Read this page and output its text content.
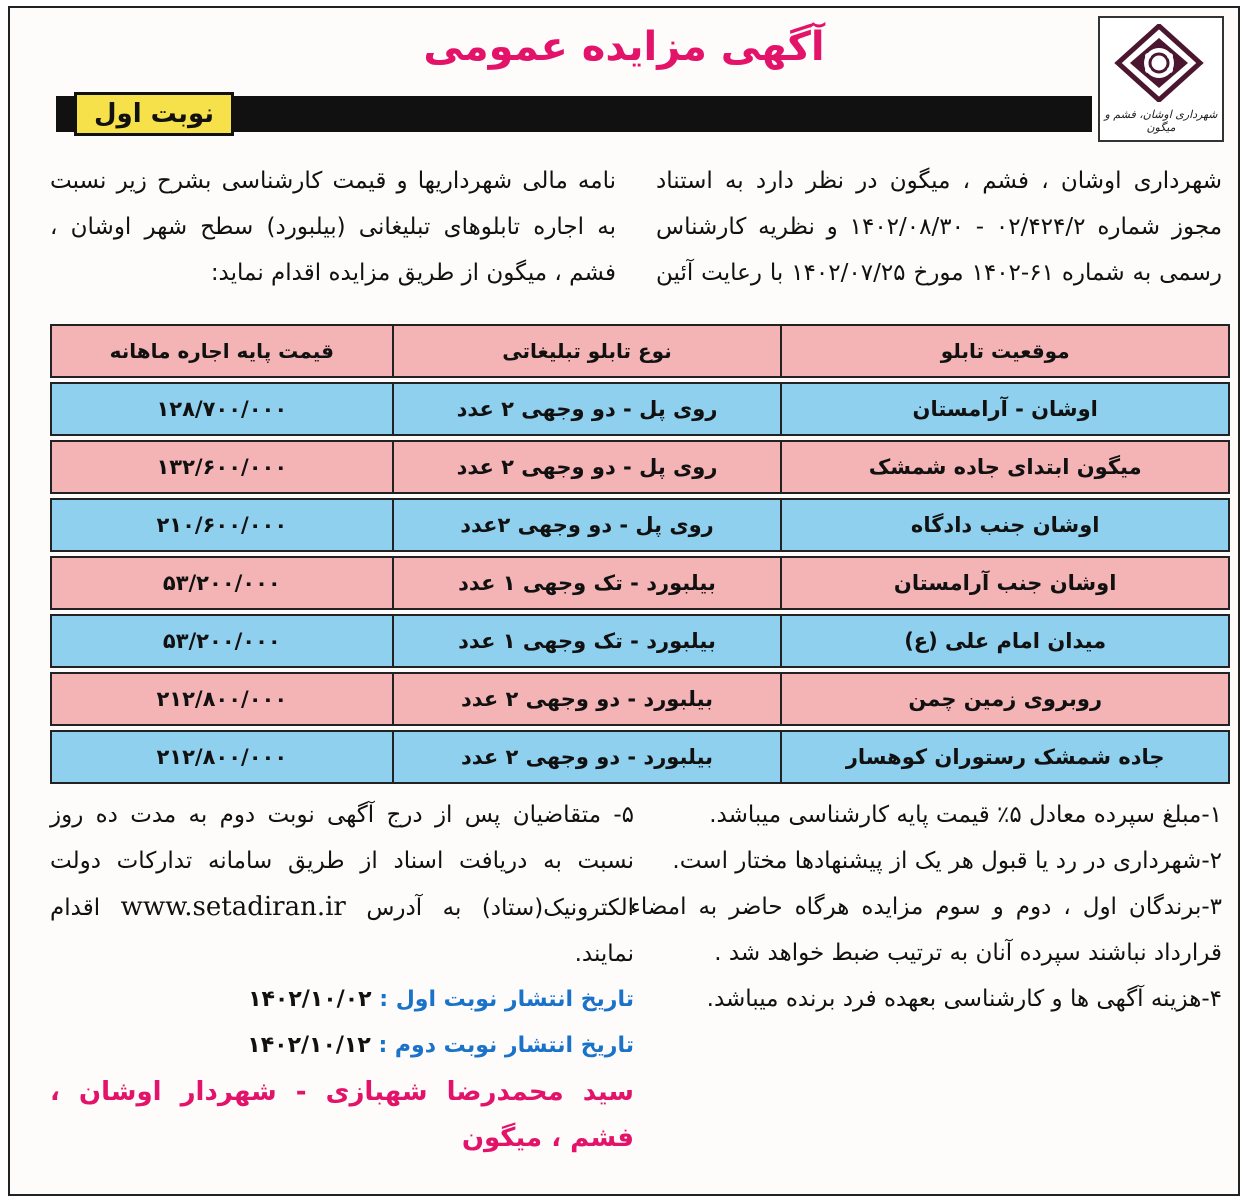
شهرداری اوشان، فشم و میگون
آگهی مزایده عمومی
نوبت اول
شهرداری اوشان ، فشم ، میگون در نظر دارد به استناد مجوز شماره ۰۲/۴۲۴/۲ - ۱۴۰۲/۰۸/۳۰ و نظریه کارشناس رسمی به شماره ۶۱-۱۴۰۲ مورخ ۱۴۰۲/۰۷/۲۵ با رعایت آئین نامه مالی شهرداریها و قیمت کارشناسی بشرح زیر نسبت به اجاره تابلوهای تبلیغانی (بیلبورد) سطح شهر اوشان ، فشم ، میگون از طریق مزایده اقدام نماید:
موقعیت تابلو	نوع تابلو تبلیغاتی	قیمت پایه اجاره ماهانه

اوشان - آرامستان	روی پل - دو وجهی ۲ عدد	۱۲۸/۷۰۰/۰۰۰

میگون ابتدای جاده شمشک	روی پل - دو وجهی ۲ عدد	۱۳۲/۶۰۰/۰۰۰

اوشان جنب دادگاه	روی پل - دو وجهی ۲عدد	۲۱۰/۶۰۰/۰۰۰

اوشان جنب آرامستان	بیلبورد - تک وجهی ۱ عدد	۵۳/۲۰۰/۰۰۰

میدان امام علی (ع)	بیلبورد - تک وجهی ۱ عدد	۵۳/۲۰۰/۰۰۰

روبروی زمین چمن	بیلبورد - دو وجهی ۲ عدد	۲۱۲/۸۰۰/۰۰۰

جاده شمشک رستوران کوهسار	بیلبورد - دو وجهی ۲ عدد	۲۱۲/۸۰۰/۰۰۰

۱-مبلغ سپرده معادل ۵٪ قیمت پایه کارشناسی میباشد.

۲-شهرداری در رد یا قبول هر یک از پیشنهادها مختار است.

۳-برندگان اول ، دوم و سوم مزایده هرگاه حاضر به امضاء قرارداد نباشند سپرده آنان به ترتیب ضبط خواهد شد .

۴-هزینه آگهی ها و کارشناسی بعهده فرد برنده میباشد.

۵- متقاضیان پس از درج آگهی نوبت دوم به مدت ده روز نسبت به دریافت اسناد از طریق سامانه تدارکات دولت الکترونیک(ستاد) به آدرس www.setadiran.ir اقدام نمایند.

تاریخ انتشار نوبت اول : ۱۴۰۲/۱۰/۰۲

تاریخ انتشار نوبت دوم : ۱۴۰۲/۱۰/۱۲

سید محمدرضا شهبازی - شهردار اوشان ، فشم ، میگون
